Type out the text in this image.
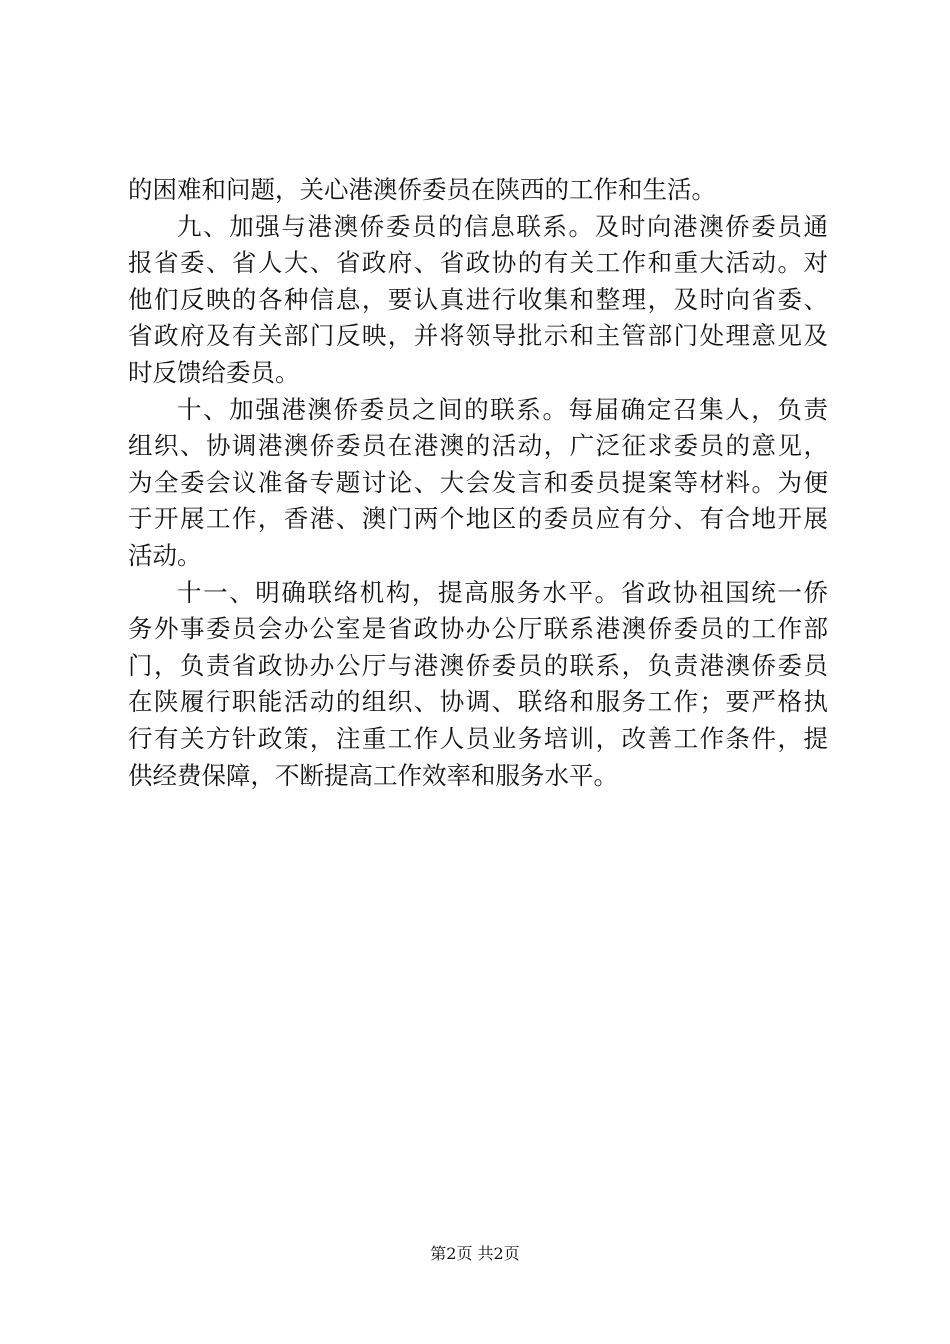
的困难和问题，关心港澳侨委员在陕西的工作和生活。
九、加强与港澳侨委员的信息联系。及时向港澳侨委员通
报省委、省人大、省政府、省政协的有关工作和重大活动。对
他们反映的各种信息，要认真进行收集和整理，及时向省委、
省政府及有关部门反映，并将领导批示和主管部门处理意见及
时反馈给委员。
十、加强港澳侨委员之间的联系。每届确定召集人，负责
组织、协调港澳侨委员在港澳的活动，广泛征求委员的意见，
为全委会议准备专题讨论、大会发言和委员提案等材料。为便
于开展工作，香港、澳门两个地区的委员应有分、有合地开展
活动。
十一、明确联络机构，提高服务水平。省政协祖国统一侨
务外事委员会办公室是省政协办公厅联系港澳侨委员的工作部
门，负责省政协办公厅与港澳侨委员的联系，负责港澳侨委员
在陕履行职能活动的组织、协调、联络和服务工作；要严格执
行有关方针政策，注重工作人员业务培训，改善工作条件，提
供经费保障，不断提高工作效率和服务水平。
第2页 共2页
